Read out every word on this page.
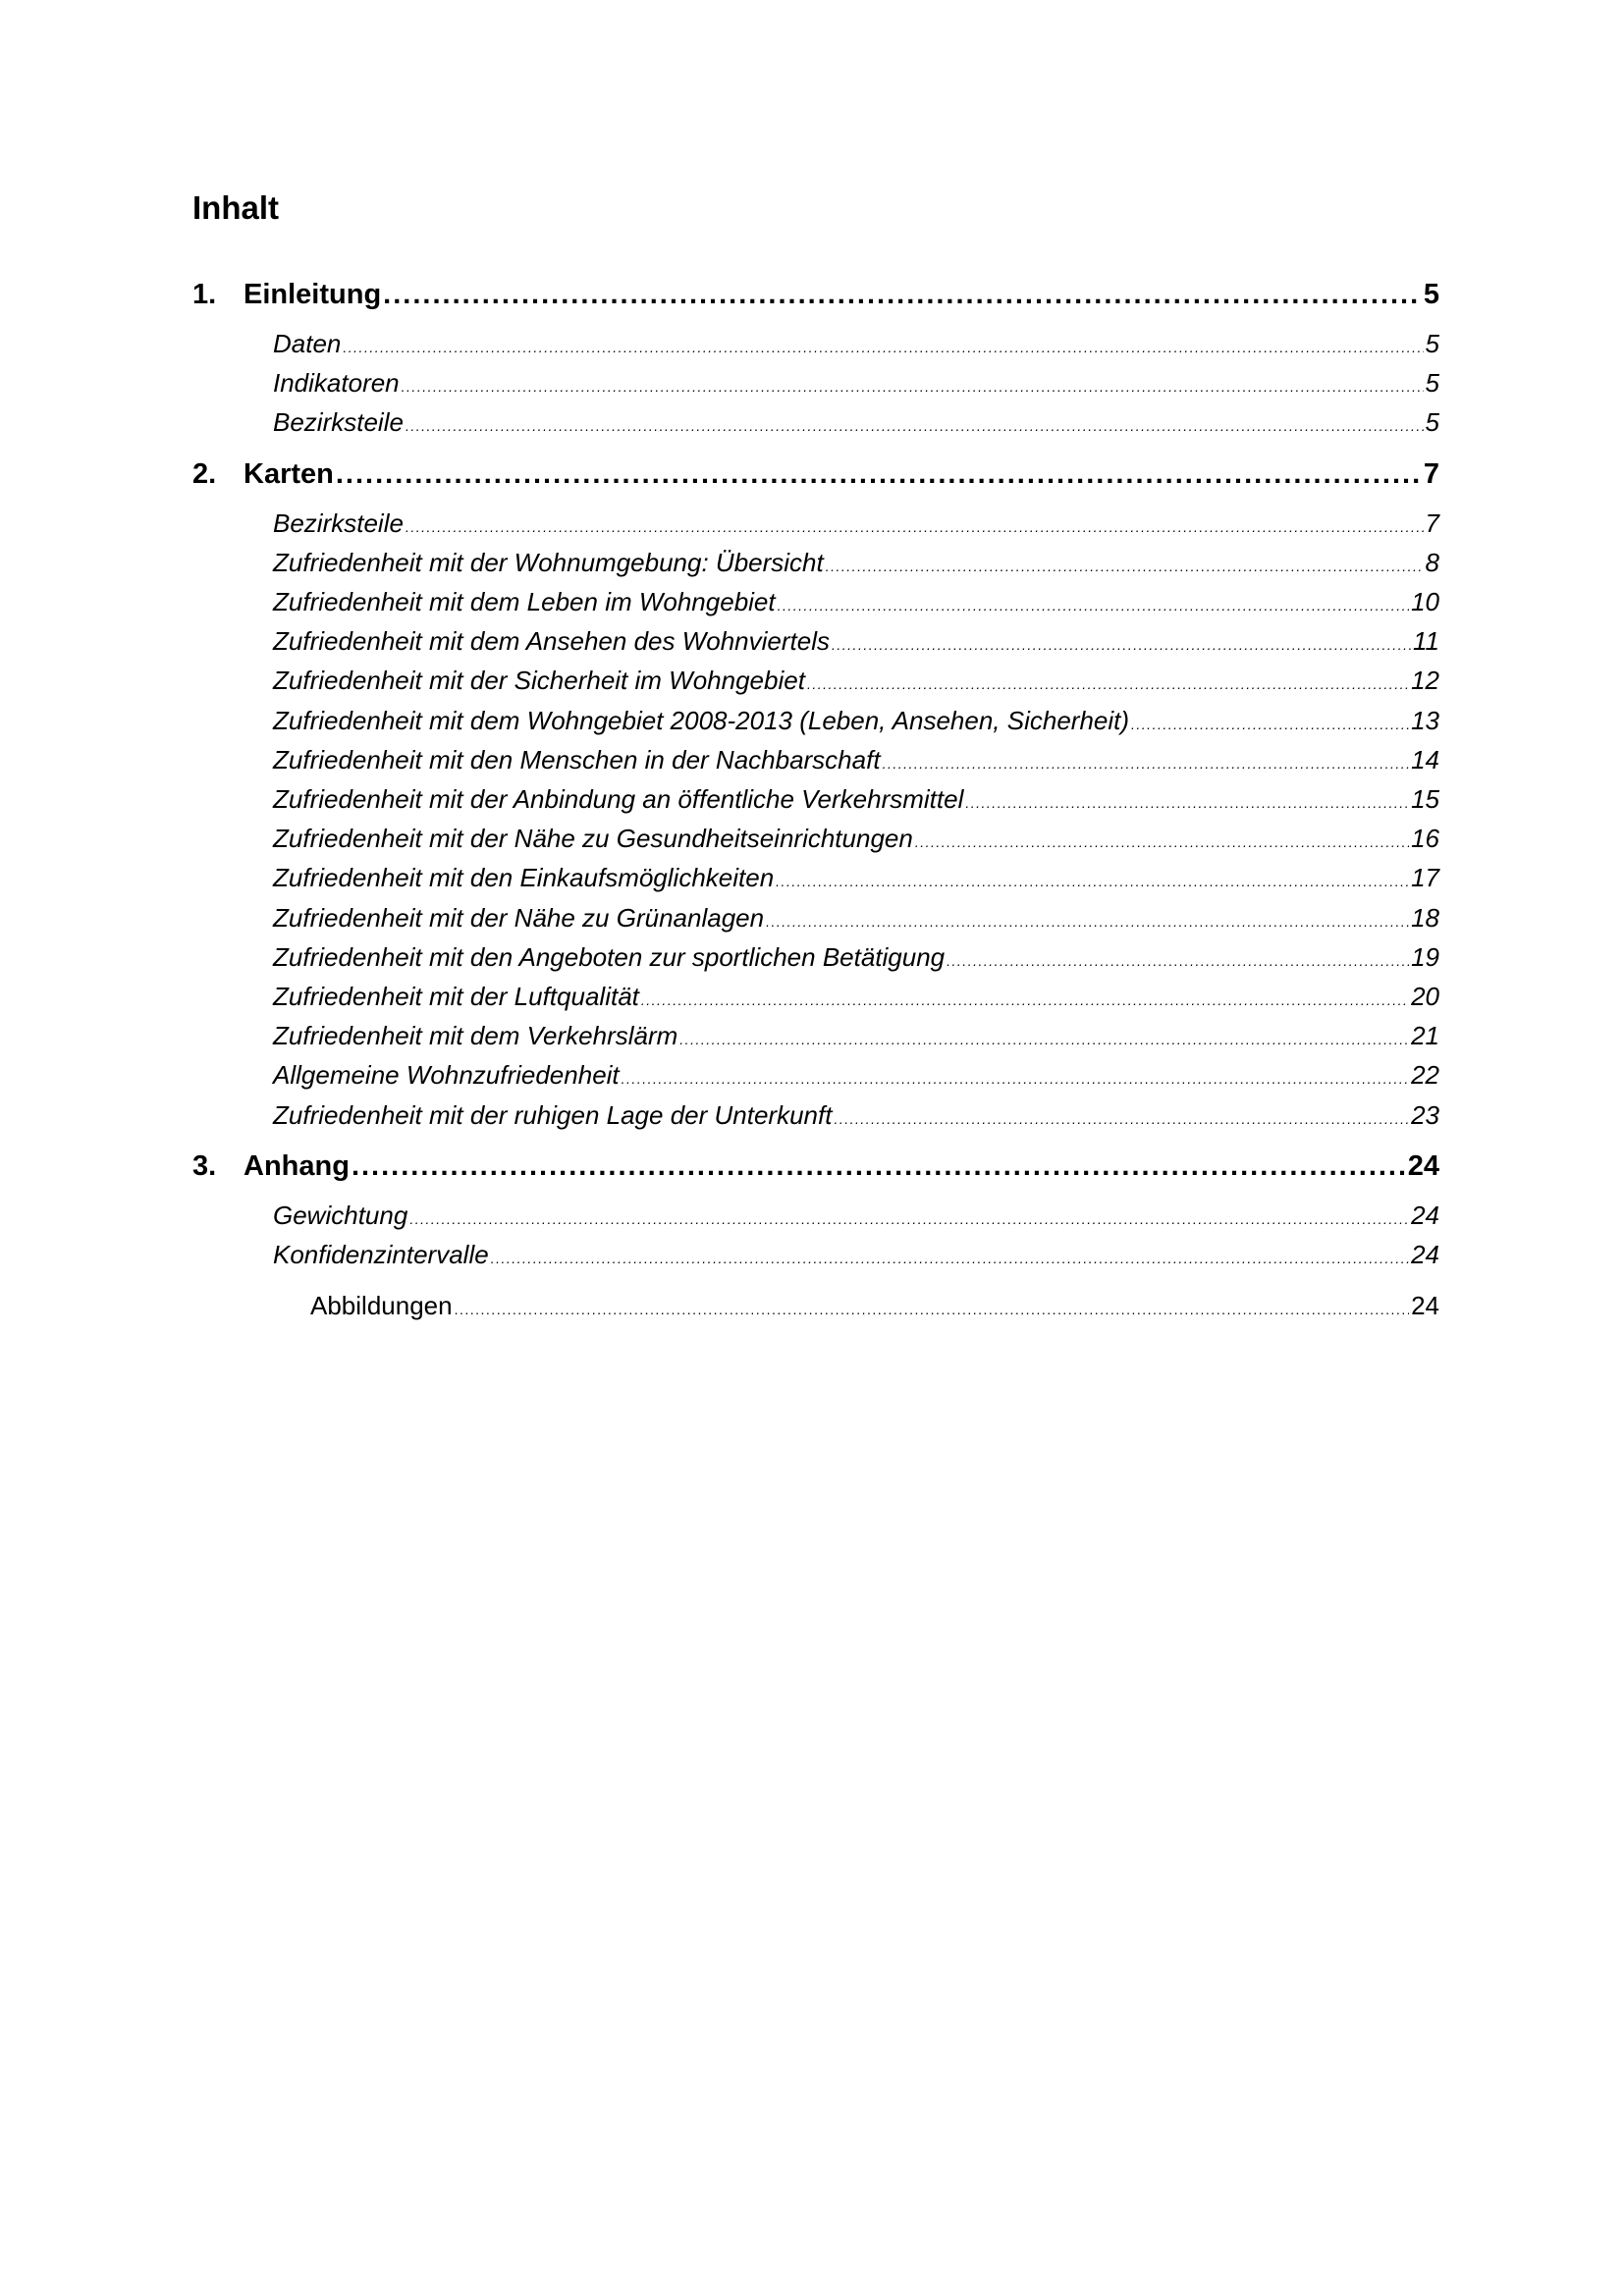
Inhalt
1. Einleitung .....	5
Daten .....	5
Indikatoren .....	5
Bezirksteile .....	5
2. Karten .....	7
Bezirksteile .....	7
Zufriedenheit mit der Wohnumgebung: Übersicht .....	8
Zufriedenheit mit dem Leben im Wohngebiet .....	10
Zufriedenheit mit dem Ansehen des Wohnviertels .....	11
Zufriedenheit mit der Sicherheit im Wohngebiet .....	12
Zufriedenheit mit dem Wohngebiet 2008-2013 (Leben, Ansehen, Sicherheit) .....	13
Zufriedenheit mit den Menschen in der Nachbarschaft .....	14
Zufriedenheit mit der Anbindung an öffentliche Verkehrsmittel .....	15
Zufriedenheit mit der Nähe zu Gesundheitseinrichtungen .....	16
Zufriedenheit mit den Einkaufsmöglichkeiten .....	17
Zufriedenheit mit der Nähe zu Grünanlagen .....	18
Zufriedenheit mit den Angeboten zur sportlichen Betätigung .....	19
Zufriedenheit mit der Luftqualität .....	20
Zufriedenheit mit dem Verkehrslärm .....	21
Allgemeine Wohnzufriedenheit .....	22
Zufriedenheit mit der ruhigen Lage der Unterkunft .....	23
3. Anhang .....	24
Gewichtung .....	24
Konfidenzintervalle .....	24
Abbildungen .....	24
